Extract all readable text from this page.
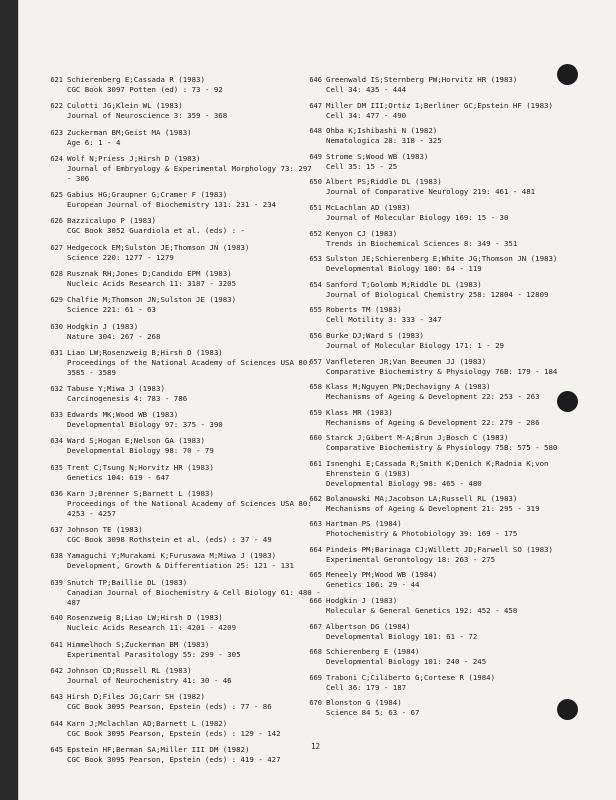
621 Schierenberg E;Cassada R (1983)
CGC Book 3097 Potten (ed) : 73 - 92
622 Culotti JG;Klein WL (1983)
Journal of Neuroscience 3: 359 - 368
623 Zuckerman BM;Geist MA (1983)
Age 6: 1 - 4
624 Wolf N;Priess J;Hirsh D (1983)
Journal of Embryology & Experimental Morphology 73: 297
- 306
625 Gabius HG;Graupner G;Cramer F (1983)
European Journal of Biochemistry 131: 231 - 234
626 Bazzicalupo P (1983)
CGC Book 3052 Guardiola et al. (eds) : -
627 Hedgecock EM;Sulston JE;Thomson JN (1983)
Science 220: 1277 - 1279
628 Rusznak RH;Jones D;Candido EPM (1983)
Nucleic Acids Research 11: 3187 - 3205
629 Chalfie M;Thomson JN;Sulston JE (1983)
Science 221: 61 - 63
630 Hodgkin J (1983)
Nature 304: 267 - 268
631 Liao LW;Rosenzweig B;Hirsh D (1983)
Proceedings of the National Academy of Sciences USA 80:
3585 - 3589
632 Tabuse Y;Miwa J (1983)
Carcinogenesis 4: 783 - 786
633 Edwards MK;Wood WB (1983)
Developmental Biology 97: 375 - 390
634 Ward S;Hogan E;Nelson GA (1983)
Developmental Biology 98: 70 - 79
635 Trent C;Tsung N;Horvitz HR (1983)
Genetics 104: 619 - 647
636 Karn J;Brenner S;Barnett L (1983)
Proceedings of the National Academy of Sciences USA 80:
4253 - 4257
637 Johnson TE (1983)
CGC Book 3098 Rothstein et al. (eds) : 37 - 49
638 Yamaguchi Y;Murakami K;Furusawa M;Miwa J (1983)
Development, Growth & Differentiation 25: 121 - 131
639 Snutch TP;Baillie DL (1983)
Canadian Journal of Biochemistry & Cell Biology 61: 480 -
487
640 Rosenzweig B;Liao LW;Hirsh D (1983)
Nucleic Acids Research 11: 4201 - 4209
641 Himmelhoch S;Zuckerman BM (1983)
Experimental Parasitology 55: 299 - 305
642 Johnson CD;Russell RL (1983)
Journal of Neurochemistry 41: 30 - 46
643 Hirsh D;Files JG;Carr SH (1982)
CGC Book 3095 Pearson, Epstein (eds) : 77 - 86
644 Karn J;Mclachlan AD;Barnett L (1982)
CGC Book 3095 Pearson, Epstein (eds) : 129 - 142
645 Epstein HF;Berman SA;Miller III DM (1982)
CGC Book 3095 Pearson, Epstein (eds) : 419 - 427
646 Greenwald IS;Sternberg PW;Horvitz HR (1983)
Cell 34: 435 - 444
647 Miller DM III;Ortiz I;Berliner GC;Epstein HF (1983)
Cell 34: 477 - 490
648 Ohba K;Ishibashi N (1982)
Nematologica 28: 318 - 325
649 Strome S;Wood WB (1983)
Cell 35: 15 - 25
650 Albert PS;Riddle DL (1983)
Journal of Comparative Neurology 219: 461 - 481
651 McLachlan AD (1983)
Journal of Molecular Biology 169: 15 - 30
652 Kenyon CJ (1983)
Trends in Biochemical Sciences 8: 349 - 351
653 Sulston JE;Schierenberg E;White JG;Thomson JN (1983)
Developmental Biology 100: 64 - 119
654 Sanford T;Golomb M;Riddle DL (1983)
Journal of Biological Chemistry 258: 12804 - 12809
655 Roberts TM (1983)
Cell Motility 3: 333 - 347
656 Burke DJ;Ward S (1983)
Journal of Molecular Biology 171: 1 - 29
657 Vanfleteren JR;Van Beeumen JJ (1983)
Comparative Biochemistry & Physiology 76B: 179 - 184
658 Klass M;Nguyen PN;Dechavigny A (1983)
Mechanisms of Ageing & Development 22: 253 - 263
659 Klass MR (1983)
Mechanisms of Ageing & Development 22: 279 - 286
660 Starck J;Gibert M-A;Brun J;Bosch C (1983)
Comparative Biochemistry & Physiology 75B: 575 - 580
661 Isnenghi E;Cassada R;Smith K;Denich K;Radnia K;von
Ehrenstein G (1983)
Developmental Biology 98: 465 - 480
662 Bolanowski MA;Jacobson LA;Russell RL (1983)
Mechanisms of Ageing & Development 21: 295 - 319
663 Hartman PS (1984)
Photochemistry & Photobiology 39: 169 - 175
664 Pindeis PM;Barinaga CJ;Willett JD;Farwell SO (1983)
Experimental Gerontology 18: 263 - 275
665 Meneely PM;Wood WB (1984)
Genetics 106: 29 - 44
666 Hodgkin J (1983)
Molecular & General Genetics 192: 452 - 458
667 Albertson DG (1984)
Developmental Biology 101: 61 - 72
668 Schierenberg E (1984)
Developmental Biology 101: 240 - 245
669 Traboni C;Ciliberto G;Cortese R (1984)
Cell 36: 179 - 187
670 Blonston G (1984)
Science 84 5: 63 - 67
12
